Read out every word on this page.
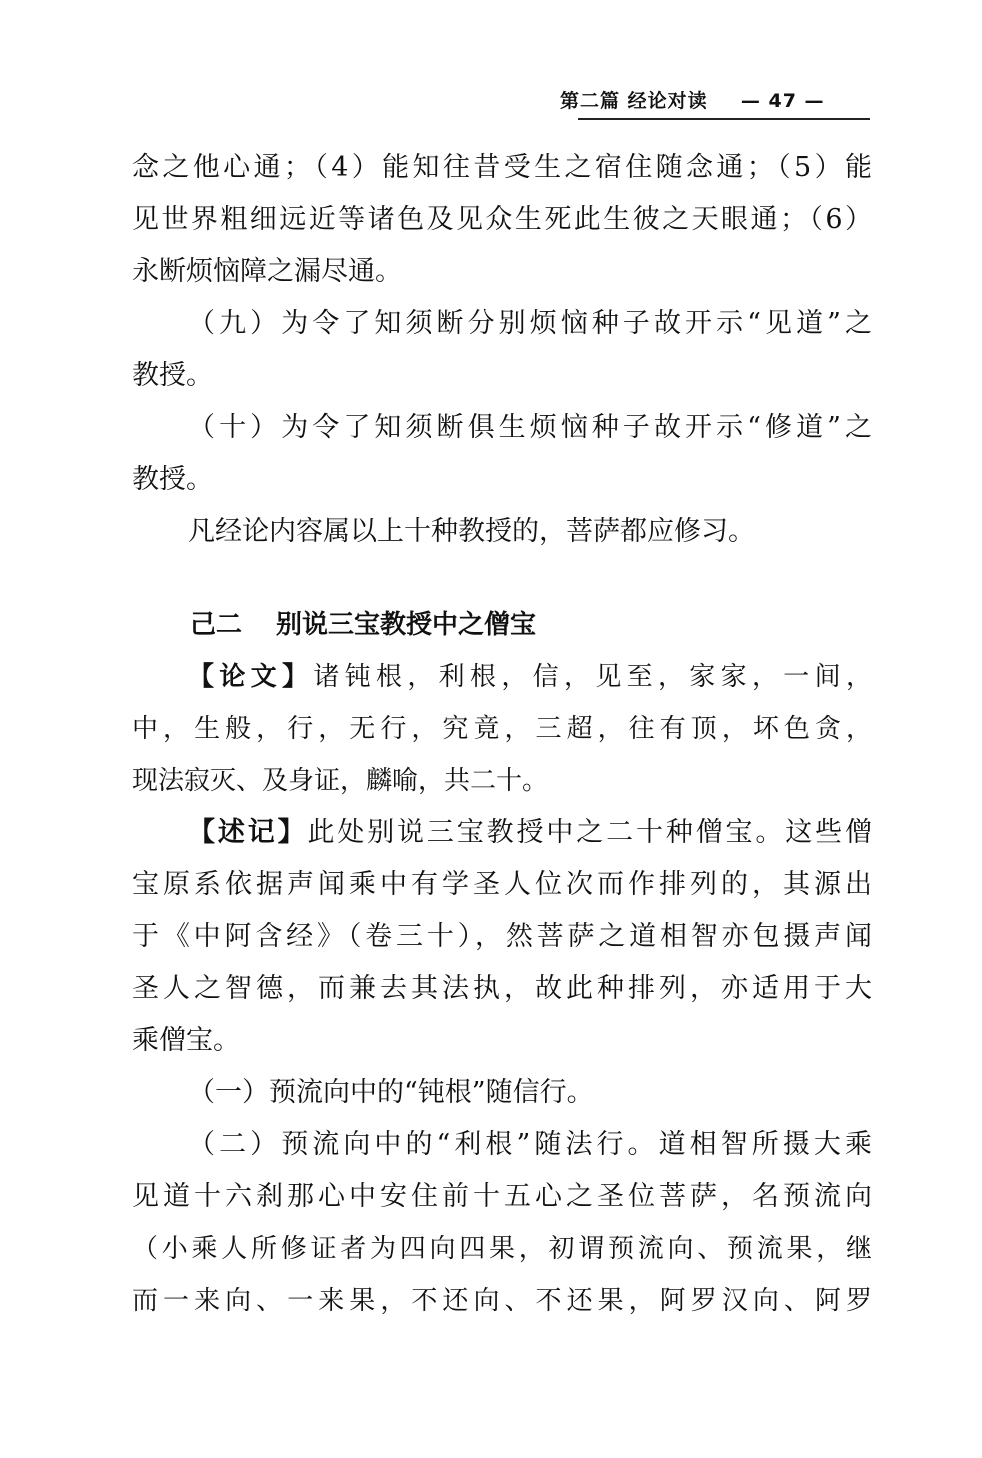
第二篇 经论对读 — 47 —
念之他心通；（4）能知往昔受生之宿住随念通；（5）能
见世界粗细远近等诸色及见众生死此生彼之天眼通；（6）
永断烦恼障之漏尽通。
（九）为令了知须断分别烦恼种子故开示“见道”之
教授。
（十）为令了知须断俱生烦恼种子故开示“修道”之
教授。
凡经论内容属以上十种教授的，菩萨都应修习。
己二 别说三宝教授中之僧宝
【论文】诸钝根，利根，信，见至，家家，一间，
中，生般，行，无行，究竟，三超，往有顶，坏色贪，
现法寂灭、及身证，麟喻，共二十。
【述记】此处别说三宝教授中之二十种僧宝。这些僧
宝原系依据声闻乘中有学圣人位次而作排列的，其源出
于《中阿含经》（卷三十），然菩萨之道相智亦包摄声闻
圣人之智德，而兼去其法执，故此种排列，亦适用于大
乘僧宝。
（一）预流向中的“钝根”随信行。
（二）预流向中的“利根”随法行。道相智所摄大乘
见道十六刹那心中安住前十五心之圣位菩萨，名预流向
（小乘人所修证者为四向四果，初谓预流向、预流果，继
而一来向、一来果，不还向、不还果，阿罗汉向、阿罗
